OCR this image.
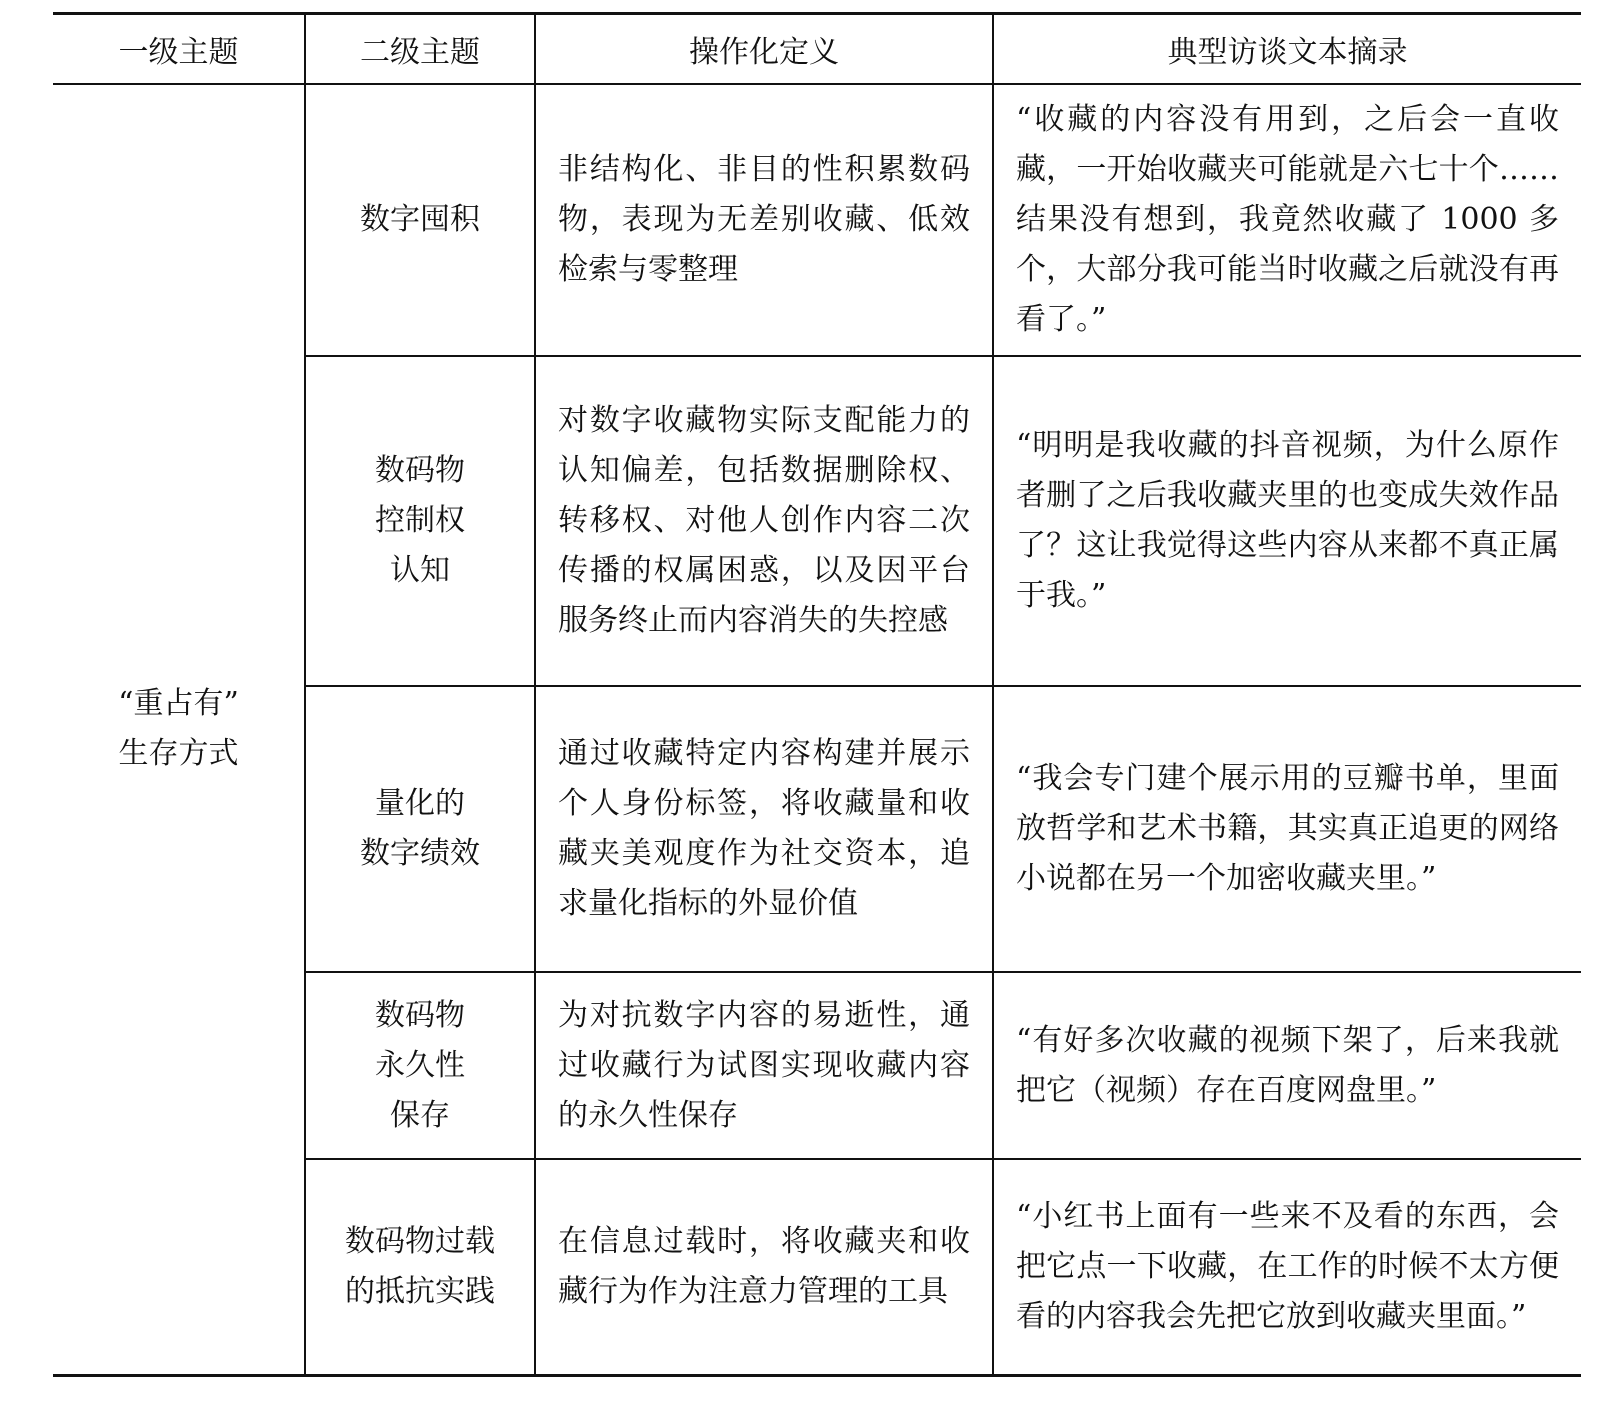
一级主题	二级主题	操作化定义	典型访谈文本摘录

“重占有”
生存方式	数字囤积	非结构化、非目的性积累数码物，表现为无差别收藏、低效检索与零整理	“收藏的内容没有用到，之后会一直收藏，一开始收藏夹可能就是六七十个……结果没有想到，我竟然收藏了 1000 多个，大部分我可能当时收藏之后就没有再看了。”

	数码物
控制权
认知	对数字收藏物实际支配能力的认知偏差，包括数据删除权、转移权、对他人创作内容二次传播的权属困惑，以及因平台服务终止而内容消失的失控感	“明明是我收藏的抖音视频，为什么原作者删了之后我收藏夹里的也变成失效作品了？这让我觉得这些内容从来都不真正属于我。”

	量化的
数字绩效	通过收藏特定内容构建并展示个人身份标签，将收藏量和收藏夹美观度作为社交资本，追求量化指标的外显价值	“我会专门建个展示用的豆瓣书单，里面放哲学和艺术书籍，其实真正追更的网络小说都在另一个加密收藏夹里。”

	数码物
永久性
保存	为对抗数字内容的易逝性，通过收藏行为试图实现收藏内容的永久性保存	“有好多次收藏的视频下架了，后来我就把它（视频）存在百度网盘里。”

	数码物过载
的抵抗实践	在信息过载时，将收藏夹和收藏行为作为注意力管理的工具	“小红书上面有一些来不及看的东西，会把它点一下收藏，在工作的时候不太方便看的内容我会先把它放到收藏夹里面。”
